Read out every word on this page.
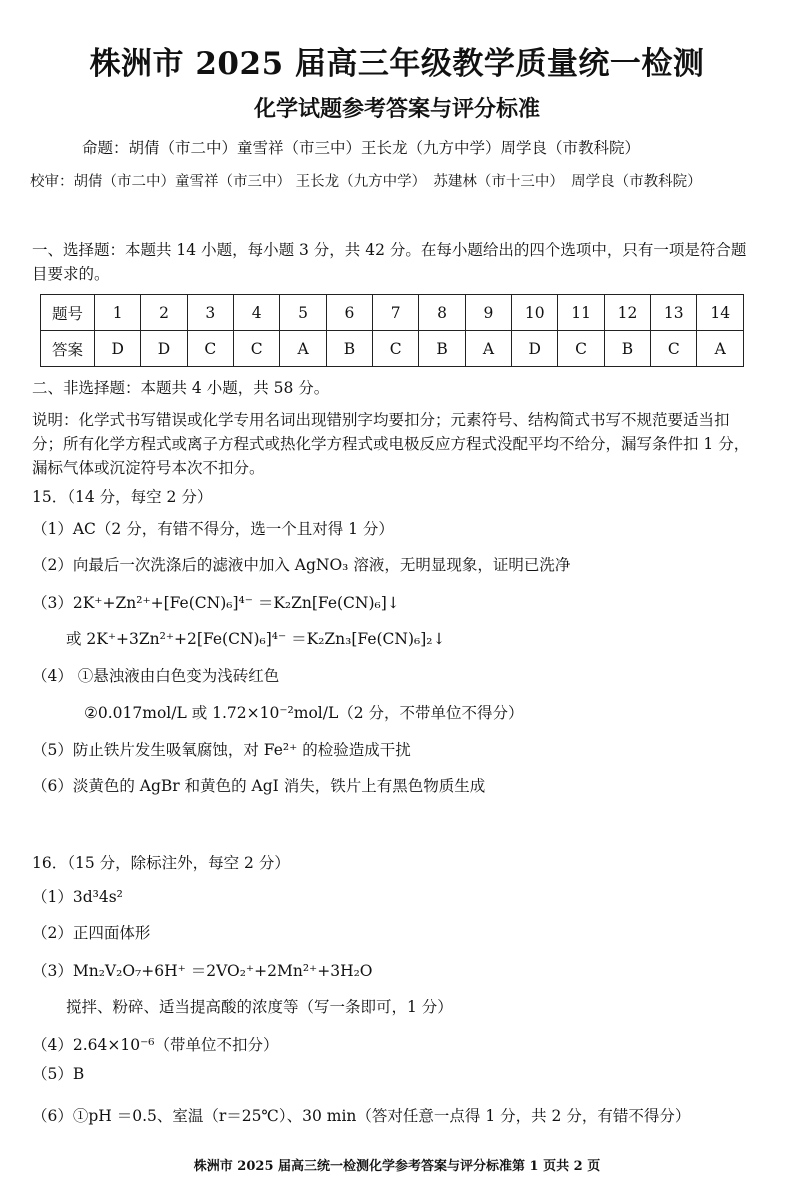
株洲市 2025 届高三年级教学质量统一检测
化学试题参考答案与评分标准
命题：胡倩（市二中）童雪祥（市三中）王长龙（九方中学）周学良（市教科院）
校审：胡倩（市二中）童雪祥（市三中） 王长龙（九方中学）　苏建林（市十三中）　周学良（市教科院）
一、选择题：本题共 14 小题，每小题 3 分，共 42 分。在每小题给出的四个选项中，只有一项是符合题目要求的。
题号	1	2	3	4	5	6	7	8	9	10	11	12	13	14
答案	D	D	C	C	A	B	C	B	A	D	C	B	C	A
二、非选择题：本题共 4 小题，共 58 分。
说明：化学式书写错误或化学专用名词出现错别字均要扣分；元素符号、结构简式书写不规范要适当扣分；所有化学方程式或离子方程式或热化学方程式或电极反应方程式没配平均不给分，漏写条件扣 1 分，漏标气体或沉淀符号本次不扣分。
15．（14 分，每空 2 分）
（1）AC（2 分，有错不得分，选一个且对得 1 分）
（2）向最后一次洗涤后的滤液中加入 AgNO₃ 溶液，无明显现象，证明已洗净
（3）2K⁺+Zn²⁺+[Fe(CN)₆]⁴⁻ ＝K₂Zn[Fe(CN)₆]↓
或 2K⁺+3Zn²⁺+2[Fe(CN)₆]⁴⁻ ＝K₂Zn₃[Fe(CN)₆]₂↓
（4） ①悬浊液由白色变为浅砖红色
②0.017mol/L 或 1.72×10⁻²mol/L（2 分，不带单位不得分）
（5）防止铁片发生吸氧腐蚀，对 Fe²⁺ 的检验造成干扰
（6）淡黄色的 AgBr 和黄色的 AgI 消失，铁片上有黑色物质生成
16．（15 分，除标注外，每空 2 分）
（1）3d³4s²
（2）正四面体形
（3）Mn₂V₂O₇+6H⁺ ＝2VO₂⁺+2Mn²⁺+3H₂O
搅拌、粉碎、适当提高酸的浓度等（写一条即可，1 分）
（4）2.64×10⁻⁶（带单位不扣分）
（5）B
（6）①pH ＝0.5、室温（r＝25℃）、30 min（答对任意一点得 1 分，共 2 分，有错不得分）
株洲市 2025 届高三统一检测化学参考答案与评分标准第 1 页共 2 页
